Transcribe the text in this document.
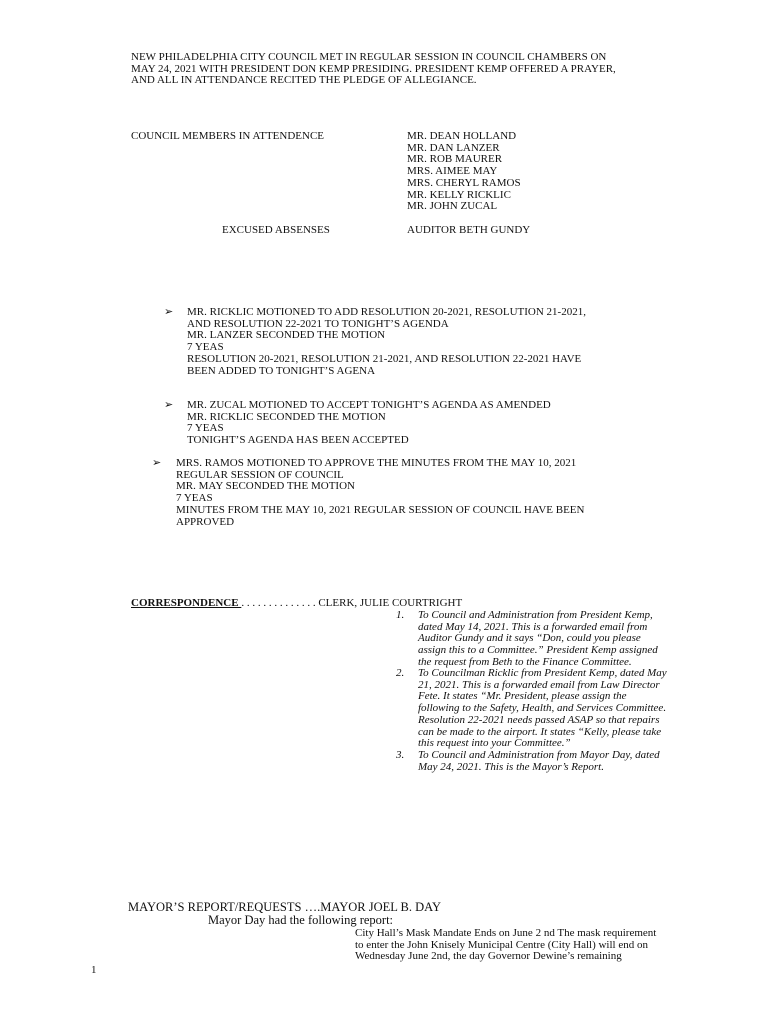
NEW PHILADELPHIA CITY COUNCIL MET IN REGULAR SESSION IN COUNCIL CHAMBERS ON
MAY 24, 2021 WITH PRESIDENT DON KEMP PRESIDING. PRESIDENT KEMP OFFERED A PRAYER,
AND ALL IN ATTENDANCE RECITED THE PLEDGE OF ALLEGIANCE.
COUNCIL MEMBERS IN ATTENDENCE	MR. DEAN HOLLAND
MR. DAN LANZER
MR. ROB MAURER
MRS. AIMEE MAY
MRS. CHERYL RAMOS
MR. KELLY RICKLIC
MR. JOHN ZUCAL
EXCUSED ABSENSES	AUDITOR BETH GUNDY
➢ MR. RICKLIC MOTIONED TO ADD RESOLUTION 20-2021, RESOLUTION 21-2021,
AND RESOLUTION 22-2021 TO TONIGHT’S AGENDA
MR. LANZER SECONDED THE MOTION
7 YEAS
RESOLUTION 20-2021, RESOLUTION 21-2021, AND RESOLUTION 22-2021 HAVE
BEEN ADDED TO TONIGHT’S AGENA
➢ MR. ZUCAL MOTIONED TO ACCEPT TONIGHT’S AGENDA AS AMENDED
MR. RICKLIC SECONDED THE MOTION
7 YEAS
TONIGHT’S AGENDA HAS BEEN ACCEPTED
➢ MRS. RAMOS MOTIONED TO APPROVE THE MINUTES FROM THE MAY 10, 2021
REGULAR SESSION OF COUNCIL
MR. MAY SECONDED THE MOTION
7 YEAS
MINUTES FROM THE MAY 10, 2021 REGULAR SESSION OF COUNCIL HAVE BEEN
APPROVED
CORRESPONDENCE . . . . . . . . . . . . . . CLERK, JULIE COURTRIGHT
1. To Council and Administration from President Kemp,
dated May 14, 2021. This is a forwarded email from
Auditor Gundy and it says “Don, could you please
assign this to a Committee.” President Kemp assigned
the request from Beth to the Finance Committee.
2. To Councilman Ricklic from President Kemp, dated May
21, 2021. This is a forwarded email from Law Director
Fete. It states “Mr. President, please assign the
following to the Safety, Health, and Services Committee.
Resolution 22-2021 needs passed ASAP so that repairs
can be made to the airport. It states “Kelly, please take
this request into your Committee.”
3. To Council and Administration from Mayor Day, dated
May 24, 2021. This is the Mayor’s Report.
MAYOR’S REPORT/REQUESTS ….MAYOR JOEL B. DAY
Mayor Day had the following report:
City Hall’s Mask Mandate Ends on June 2 nd The mask requirement
to enter the John Knisely Municipal Centre (City Hall) will end on
Wednesday June 2nd, the day Governor Dewine’s remaining
1
